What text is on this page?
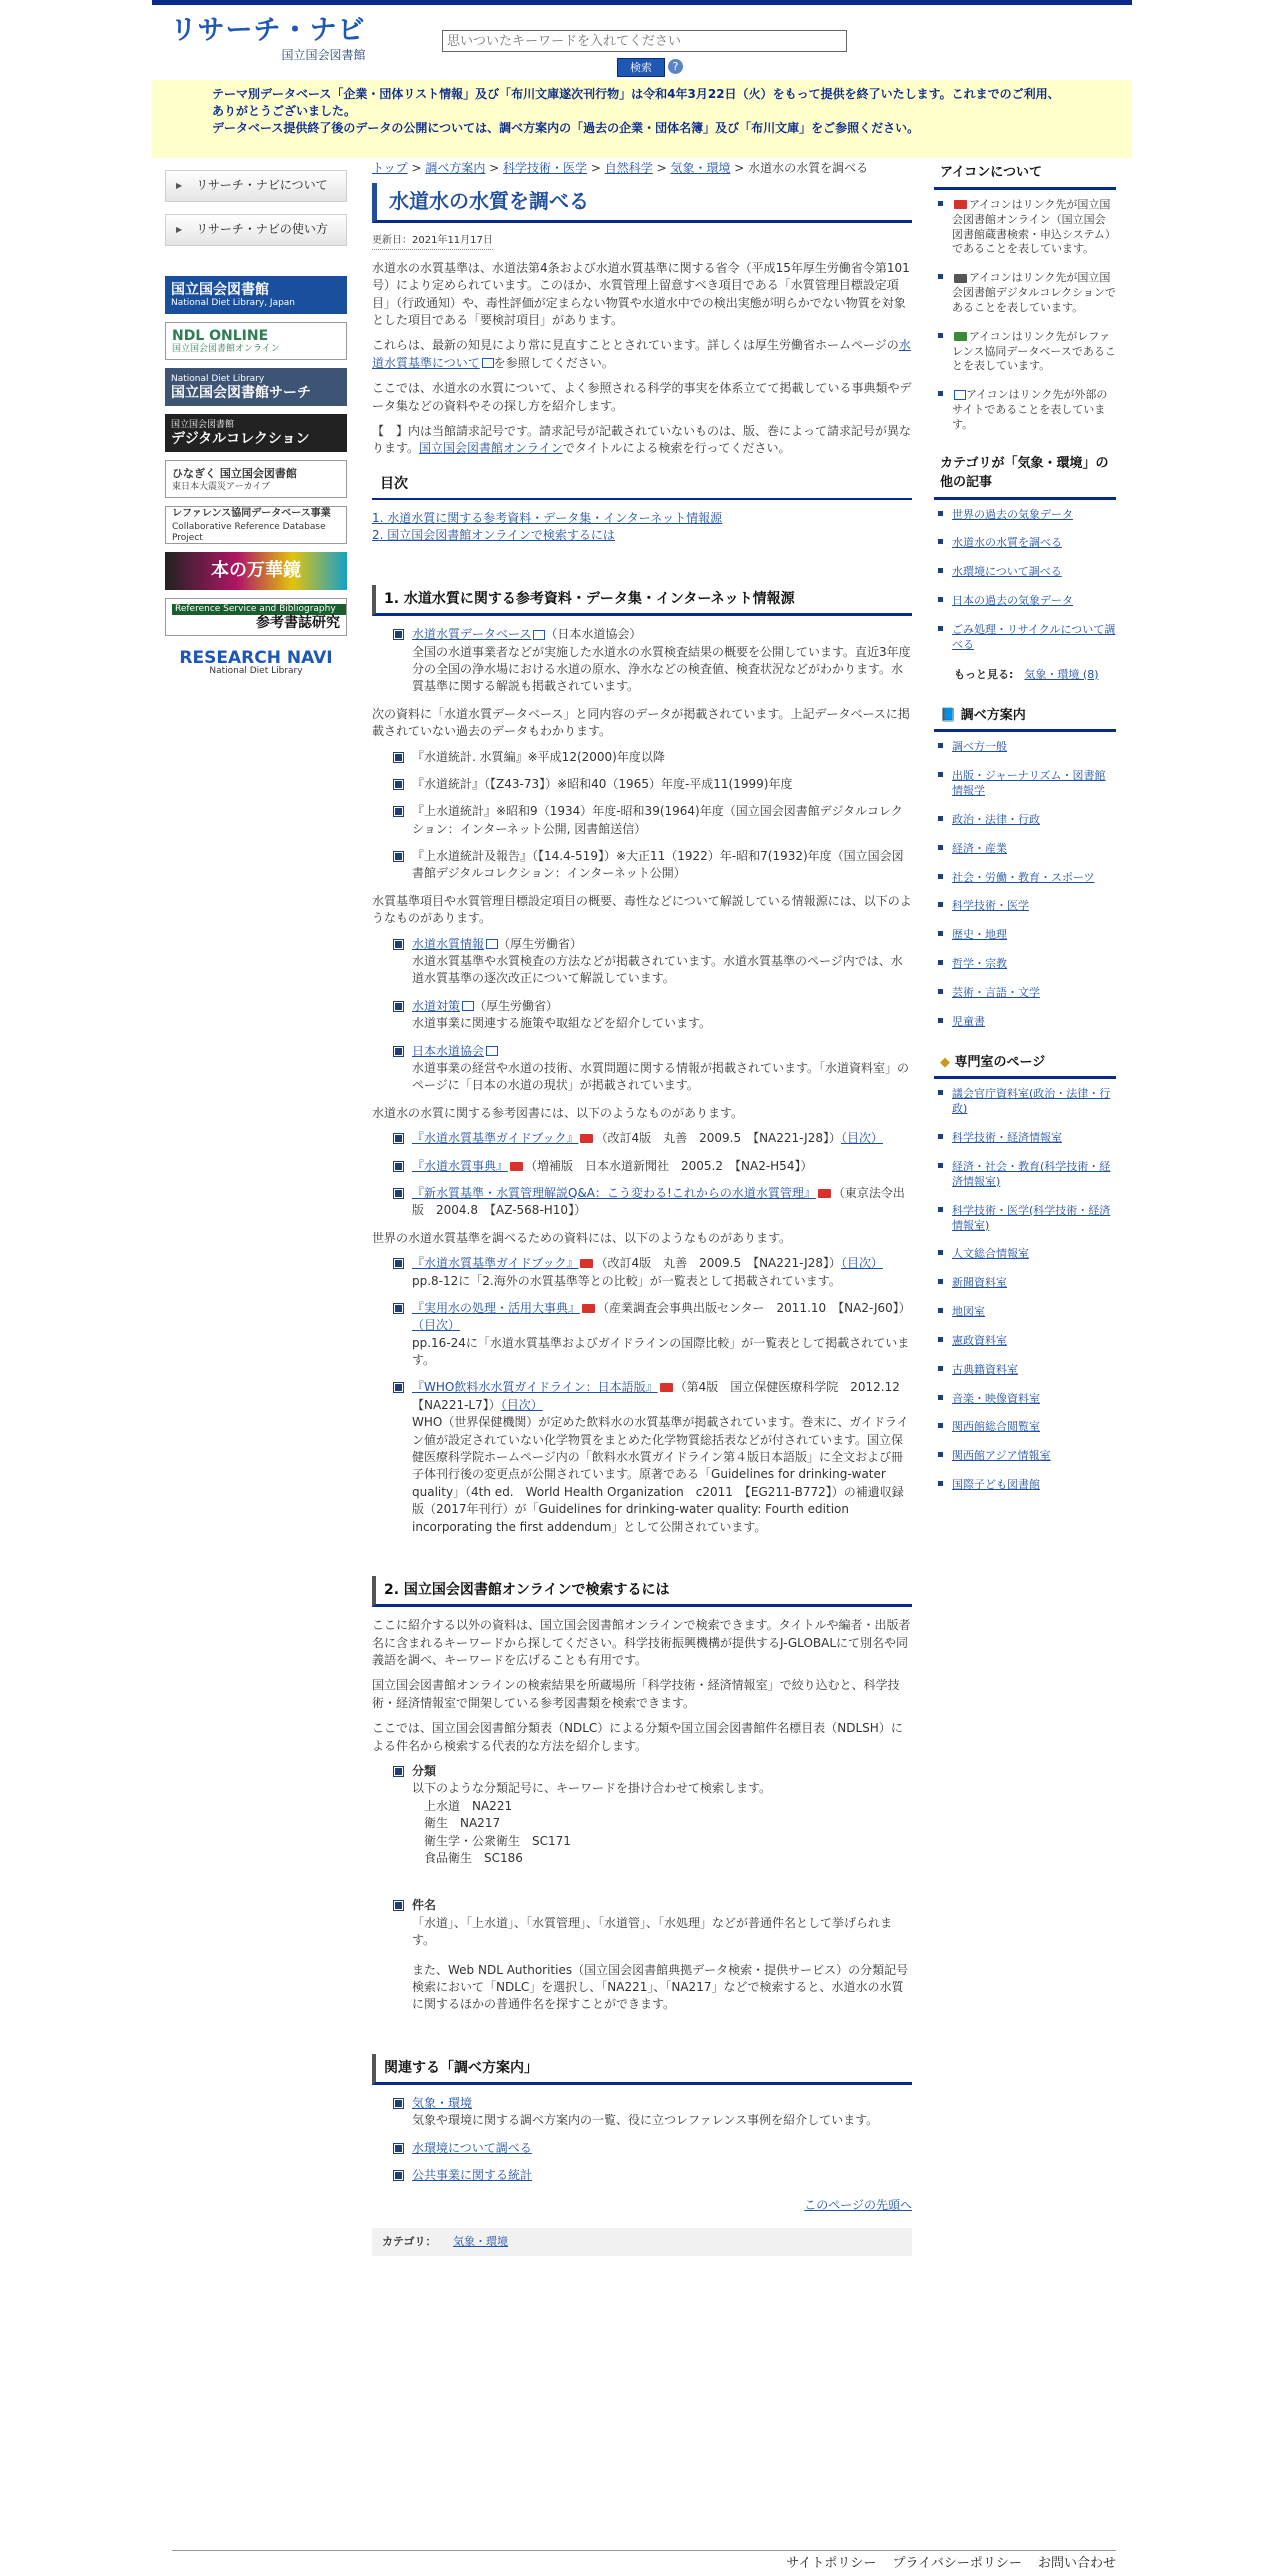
リサーチ・ナビ
国立国会図書館
思いついたキーワードを入れてください
検索	?

テーマ別データベース「企業・団体リスト情報」及び「布川文庫遂次刊行物」は令和4年3月22日（火）をもって提供を終了いたします。これまでのご利用、

ありがとうございました。

データベース提供終了後のデータの公開については、調べ方案内の「過去の企業・団体名簿」及び「布川文庫」をご参照ください。

▶ リサーチ・ナビについて
▶ リサーチ・ナビの使い方
国立国会図書館
National Diet Library, Japan
NDL ONLINE
国立国会図書館オンライン
National Diet Library
国立国会図書館サーチ
国立国会図書館
デジタルコレクション
ひなぎく 国立国会図書館
東日本大震災アーカイブ
レファレンス協同データベース事業
Collaborative Reference Database Project
本の万華鏡
Reference Service and Bibliography
参考書誌研究
RESEARCH NAVI
National Diet Library
トップ > 調べ方案内 > 科学技術・医学 > 自然科学 > 気象・環境 > 水道水の水質を調べる
水道水の水質を調べる
更新日：2021年11月17日

水道水の水質基準は、水道法第4条および水道水質基準に関する省令（平成15年厚生労働省令第101号）により定められています。このほか、水質管理上留意すべき項目である「水質管理目標設定項目」（行政通知）や、毒性評価が定まらない物質や水道水中での検出実態が明らかでない物質を対象とした項目である「要検討項目」があります。

これらは、最新の知見により常に見直すこととされています。詳しくは厚生労働省ホームページの水道水質基準について を参照してください。

ここでは、水道水の水質について、よく参照される科学的事実を体系立てて掲載している事典類やデータ集などの資料やその探し方を紹介します。

【　】内は当館請求記号です。請求記号が記載されていないものは、版、巻によって請求記号が異なります。国立国会図書館オンラインでタイトルによる検索を行ってください。

目次
1. 水道水質に関する参考資料・データ集・インターネット情報源
2. 国立国会図書館オンラインで検索するには
1. 水道水質に関する参考資料・データ集・インターネット情報源
水道水質データベース （日本水道協会）
全国の水道事業者などが実施した水道水の水質検査結果の概要を公開しています。直近3年度分の全国の浄水場における水道の原水、浄水などの検査値、検査状況などがわかります。水質基準に関する解説も掲載されています。

次の資料に「水道水質データベース」と同内容のデータが掲載されています。上記データベースに掲載されていない過去のデータもわかります。

『水道統計. 水質編』※平成12(2000)年度以降
『水道統計』（【Z43-73】）※昭和40（1965）年度-平成11(1999)年度
『上水道統計』※昭和9（1934）年度-昭和39(1964)年度（国立国会図書館デジタルコレクション：インターネット公開, 図書館送信）
『上水道統計及報告』（【14.4-519】）※大正11（1922）年-昭和7(1932)年度（国立国会図書館デジタルコレクション：インターネット公開）

水質基準項目や水質管理目標設定項目の概要、毒性などについて解説している情報源には、以下のようなものがあります。

水道水質情報 （厚生労働省）
水道水質基準や水質検査の方法などが掲載されています。水道水質基準のページ内では、水道水質基準の逐次改正について解説しています。
水道対策 （厚生労働省）
水道事業に関連する施策や取組などを紹介しています。
日本水道協会
水道事業の経営や水道の技術、水質問題に関する情報が掲載されています。「水道資料室」のページに「日本の水道の現状」が掲載されています。

水道水の水質に関する参考図書には、以下のようなものがあります。

『水道水質基準ガイドブック』 （改訂4版　丸善　2009.5　【NA221-J28】）（目次）
『水道水質事典』 （増補版　日本水道新聞社　2005.2　【NA2-H54】）
『新水質基準・水質管理解説Q&A：こう変わる!これからの水道水質管理』 （東京法令出版　2004.8　【AZ-568-H10】）

世界の水道水質基準を調べるための資料には、以下のようなものがあります。

『水道水質基準ガイドブック』 （改訂4版　丸善　2009.5　【NA221-J28】）（目次）
pp.8-12に「2.海外の水質基準等との比較」が一覧表として掲載されています。
『実用水の処理・活用大事典』 （産業調査会事典出版センター　2011.10　【NA2-J60】）（目次）
pp.16-24に「水道水質基準およびガイドラインの国際比較」が一覧表として掲載されています。
『WHO飲料水水質ガイドライン：日本語版』 （第4版　国立保健医療科学院　2012.12　【NA221-L7】）（目次）
WHO（世界保健機関）が定めた飲料水の水質基準が掲載されています。巻末に、ガイドライン値が設定されていない化学物質をまとめた化学物質総括表などが付されています。国立保健医療科学院ホームページ内の「飲料水水質ガイドライン第４版日本語版」に全文および冊子体刊行後の変更点が公開されています。原著である「Guidelines for drinking-water quality」（4th ed.　World Health Organization　c2011　【EG211-B772】）の補遺収録版（2017年刊行）が「Guidelines for drinking-water quality: Fourth edition incorporating the first addendum」として公開されています。
2. 国立国会図書館オンラインで検索するには

ここに紹介する以外の資料は、国立国会図書館オンラインで検索できます。タイトルや編者・出版者名に含まれるキーワードから探してください。科学技術振興機構が提供するJ-GLOBALにて別名や同義語を調べ、キーワードを広げることも有用です。

国立国会図書館オンラインの検索結果を所蔵場所「科学技術・経済情報室」で絞り込むと、科学技術・経済情報室で開架している参考図書類を検索できます。

ここでは、国立国会図書館分類表（NDLC）による分類や国立国会図書館件名標目表（NDLSH）による件名から検索する代表的な方法を紹介します。

分類
以下のような分類記号に、キーワードを掛け合わせて検索します。
上水道　NA221
衛生　NA217
衛生学・公衆衛生　SC171
食品衛生　SC186
件名
「水道」、「上水道」、「水質管理」、「水道管」、「水処理」などが普通件名として挙げられます。
また、Web NDL Authorities（国立国会図書館典拠データ検索・提供サービス）の分類記号検索において「NDLC」を選択し、「NA221」、「NA217」などで検索すると、水道水の水質に関するほかの普通件名を探すことができます。
関連する「調べ方案内」
気象・環境
気象や環境に関する調べ方案内の一覧、役に立つレファレンス事例を紹介しています。
水環境について調べる
公共事業に関する統計
このページの先頭へ
カテゴリ：　　 気象・環境
アイコンについて
アイコンはリンク先が国立国会図書館オンライン（国立国会図書館蔵書検索・申込システム）であることを表しています。
アイコンはリンク先が国立国会図書館デジタルコレクションであることを表しています。
アイコンはリンク先がレファレンス協同データベースであることを表しています。
アイコンはリンク先が外部のサイトであることを表しています。
カテゴリが「気象・環境」の他の記事
世界の過去の気象データ
水道水の水質を調べる
水環境について調べる
日本の過去の気象データ
ごみ処理・リサイクルについて調べる
もっと見る:　 気象・環境 (8)
📘 調べ方案内
調べ方一般
出版・ジャーナリズム・図書館情報学
政治・法律・行政
経済・産業
社会・労働・教育・スポーツ
科学技術・医学
歴史・地理
哲学・宗教
芸術・言語・文学
児童書
◆ 専門室のページ
議会官庁資料室(政治・法律・行政)
科学技術・経済情報室
経済・社会・教育(科学技術・経済情報室)
科学技術・医学(科学技術・経済情報室)
人文総合情報室
新聞資料室
地図室
憲政資料室
古典籍資料室
音楽・映像資料室
関西館総合閲覧室
関西館アジア情報室
国際子ども図書館
サイトポリシー プライバシーポリシー お問い合わせ
